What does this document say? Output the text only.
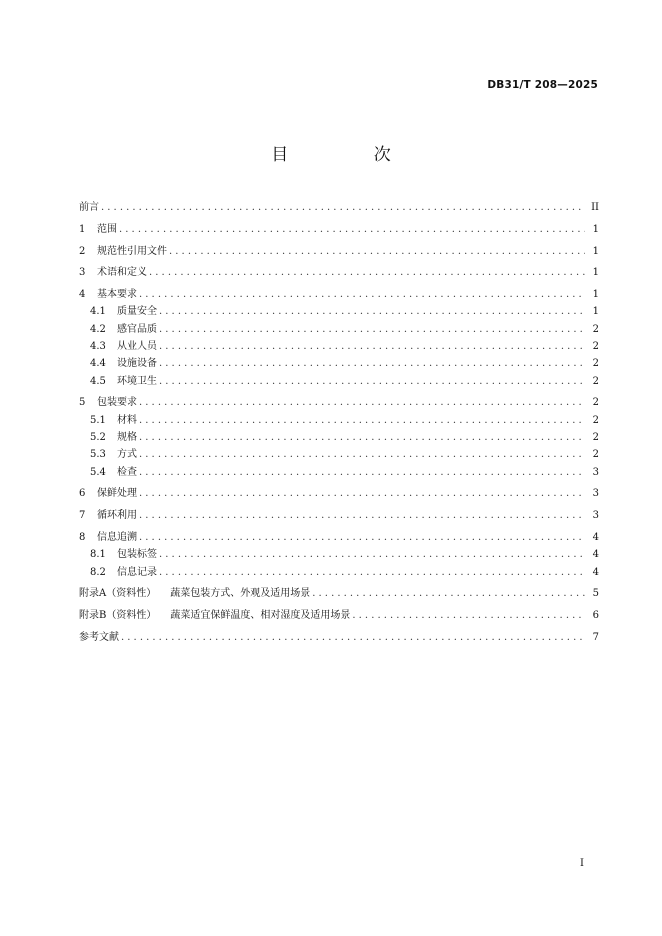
DB31/T 208—2025
目 次
前言 .....	II
1	范围 .....	1
2	规范性引用文件 .....	1
3	术语和定义 .....	1
4	基本要求 .....	1
4.1	质量安全 .....	1
4.2	感官品质 .....	2
4.3	从业人员 .....	2
4.4	设施设备 .....	2
4.5	环境卫生 .....	2
5	包装要求 .....	2
5.1	材料 .....	2
5.2	规格 .....	2
5.3	方式 .....	2
5.4	检查 .....	3
6	保鲜处理 .....	3
7	循环利用 .....	3
8	信息追溯 .....	4
8.1	包装标签 .....	4
8.2	信息记录 .....	4
附录A（资料性） 蔬菜包装方式、外观及适用场景 .....	5
附录B（资料性） 蔬菜适宜保鲜温度、相对湿度及适用场景 .....	6
参考文献 .....	7
I
